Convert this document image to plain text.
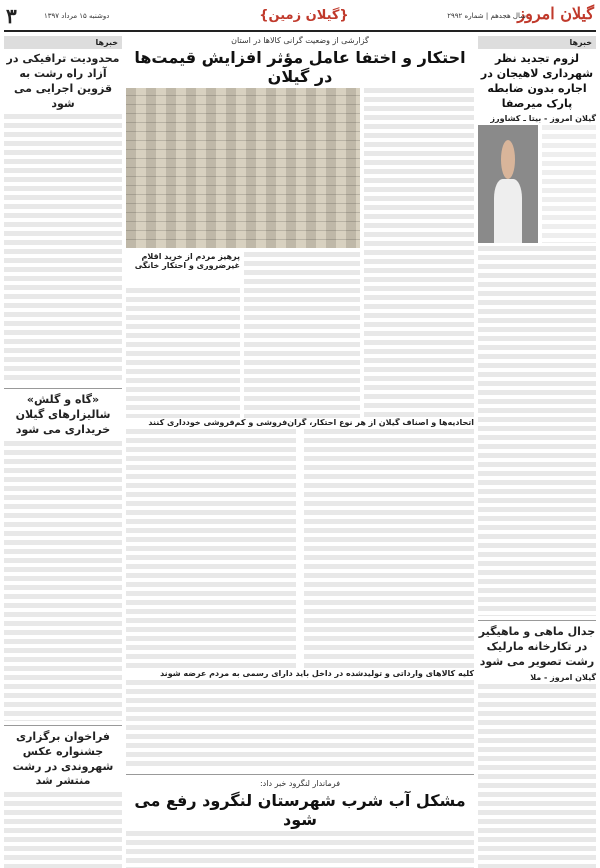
گیلان امروز
سال هجدهم | شماره ۲۹۹۲
{گیلان زمین}
دوشنبه ۱۵ مرداد ۱۳۹۷
۳
خبرها
لزوم تجدید نظر شهرداری لاهیجان در اجاره بدون ضابطه پارک میرصفا
گیلان امروز - بیتا ـ کشاورز
جدال ماهی و ماهیگیر در تکارخانه مارلیک رشت تصویر می شود
گیلان امروز - ملا
خبرها
محدودیت ترافیکی در آزاد راه رشت به قزوین اجرایی می شود
«گاه و گلش» شالیزارهای گیلان خریداری می شود
فراخوان برگزاری جشنواره عکس شهروندی در رشت منتشر شد
گزارشی از وضعیت گرانی کالاها در استان
احتکار و اختفا عامل مؤثر افزایش قیمت‌ها در گیلان
پرهیز مردم از خرید اقلام غیرضروری و احتکار خانگی
اتحادیه‌ها و اصناف گیلان از هر نوع احتکار، گران‌فروشی و کم‌فروشی خودداری کنند
کلیه کالاهای وارداتی و تولیدشده در داخل باید دارای رسمی به مردم عرضه شوند
فرماندار لنگرود خبر داد:
مشکل آب شرب شهرستان لنگرود رفع می شود
